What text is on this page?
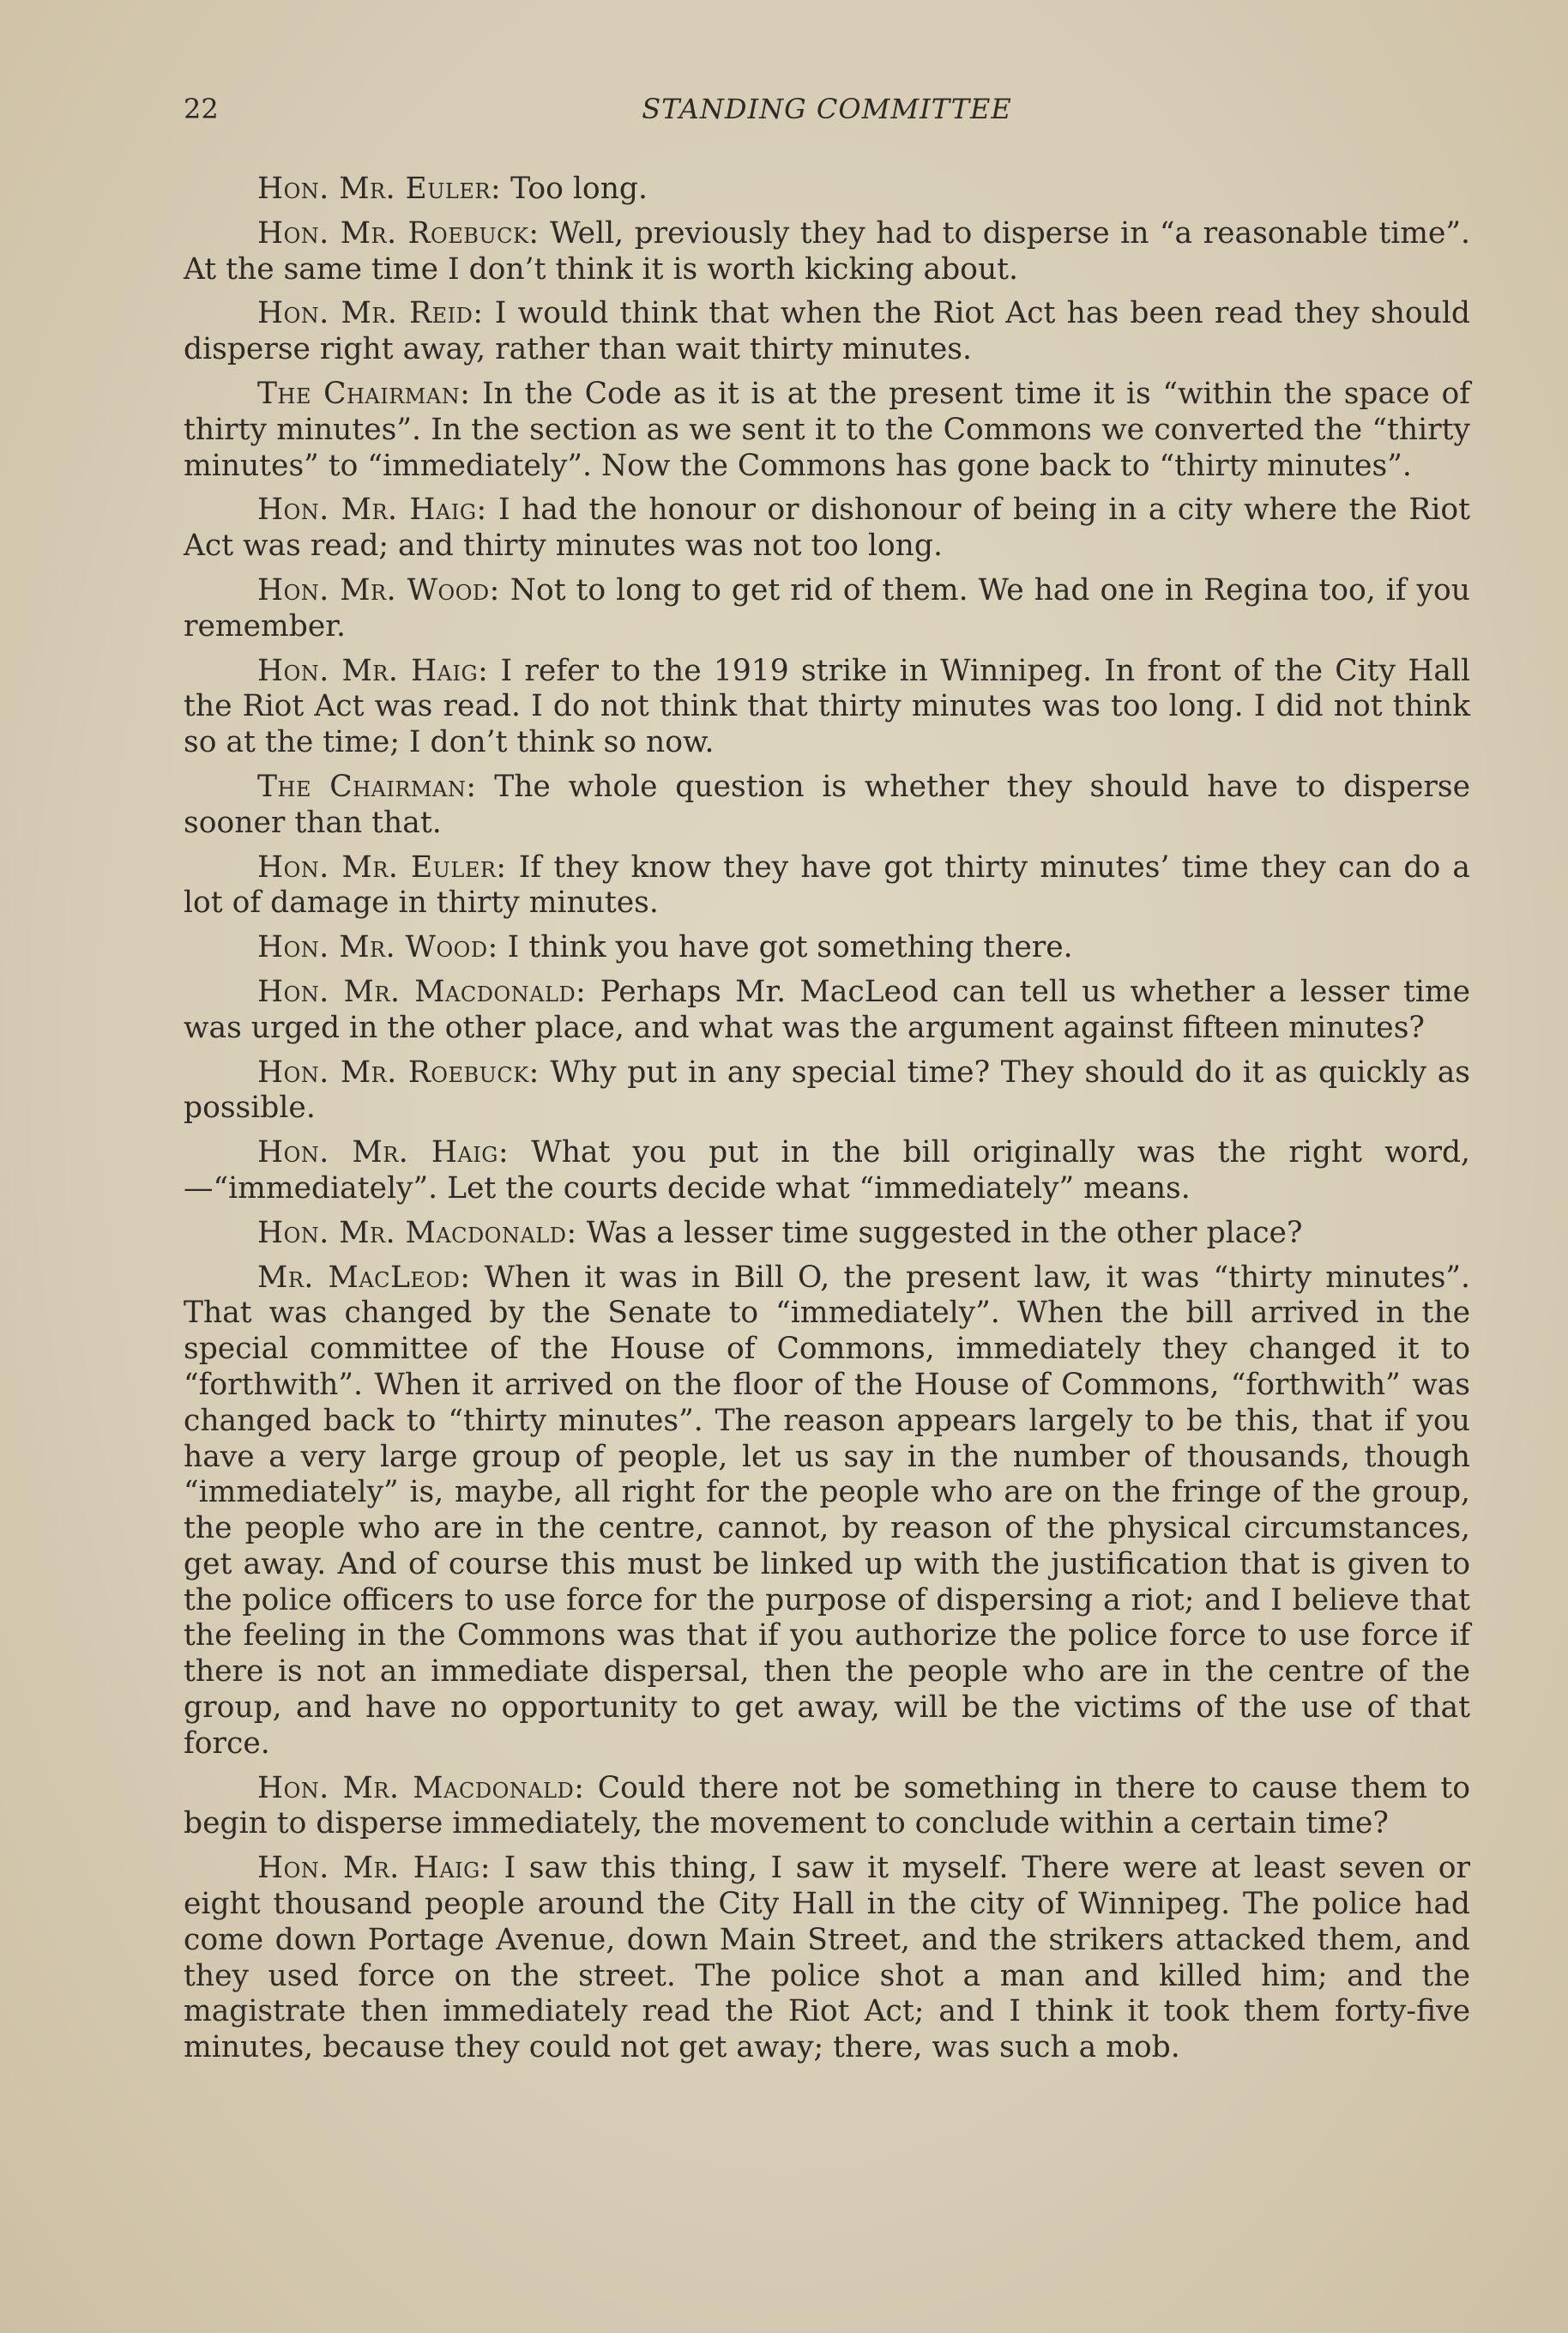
22	STANDING COMMITTEE

Hon. Mr. Euler: Too long.

Hon. Mr. Roebuck: Well, previously they had to disperse in “a reasonable time”. At the same time I don’t think it is worth kicking about.

Hon. Mr. Reid: I would think that when the Riot Act has been read they should disperse right away, rather than wait thirty minutes.

The Chairman: In the Code as it is at the present time it is “within the space of thirty minutes”. In the section as we sent it to the Commons we converted the “thirty minutes” to “immediately”. Now the Commons has gone back to “thirty minutes”.

Hon. Mr. Haig: I had the honour or dishonour of being in a city where the Riot Act was read; and thirty minutes was not too long.

Hon. Mr. Wood: Not to long to get rid of them. We had one in Regina too, if you remember.

Hon. Mr. Haig: I refer to the 1919 strike in Winnipeg. In front of the City Hall the Riot Act was read. I do not think that thirty minutes was too long. I did not think so at the time; I don’t think so now.

The Chairman: The whole question is whether they should have to disperse sooner than that.

Hon. Mr. Euler: If they know they have got thirty minutes’ time they can do a lot of damage in thirty minutes.

Hon. Mr. Wood: I think you have got something there.

Hon. Mr. Macdonald: Perhaps Mr. MacLeod can tell us whether a lesser time was urged in the other place, and what was the argument against fifteen minutes?

Hon. Mr. Roebuck: Why put in any special time? They should do it as quickly as possible.

Hon. Mr. Haig: What you put in the bill originally was the right word,—“immediately”. Let the courts decide what “immediately” means.

Hon. Mr. Macdonald: Was a lesser time suggested in the other place?

Mr. MacLeod: When it was in Bill O, the present law, it was “thirty minutes”. That was changed by the Senate to “immediately”. When the bill arrived in the special committee of the House of Commons, immediately they changed it to “forthwith”. When it arrived on the floor of the House of Commons, “forthwith” was changed back to “thirty minutes”. The reason appears largely to be this, that if you have a very large group of people, let us say in the number of thousands, though “immediately” is, maybe, all right for the people who are on the fringe of the group, the people who are in the centre, cannot, by reason of the physical circumstances, get away. And of course this must be linked up with the justification that is given to the police officers to use force for the purpose of dispersing a riot; and I believe that the feeling in the Commons was that if you authorize the police force to use force if there is not an immediate dispersal, then the people who are in the centre of the group, and have no opportunity to get away, will be the victims of the use of that force.

Hon. Mr. Macdonald: Could there not be something in there to cause them to begin to disperse immediately, the movement to conclude within a certain time?

Hon. Mr. Haig: I saw this thing, I saw it myself. There were at least seven or eight thousand people around the City Hall in the city of Winnipeg. The police had come down Portage Avenue, down Main Street, and the strikers attacked them, and they used force on the street. The police shot a man and killed him; and the magistrate then immediately read the Riot Act; and I think it took them forty-five minutes, because they could not get away; there, was such a mob.
